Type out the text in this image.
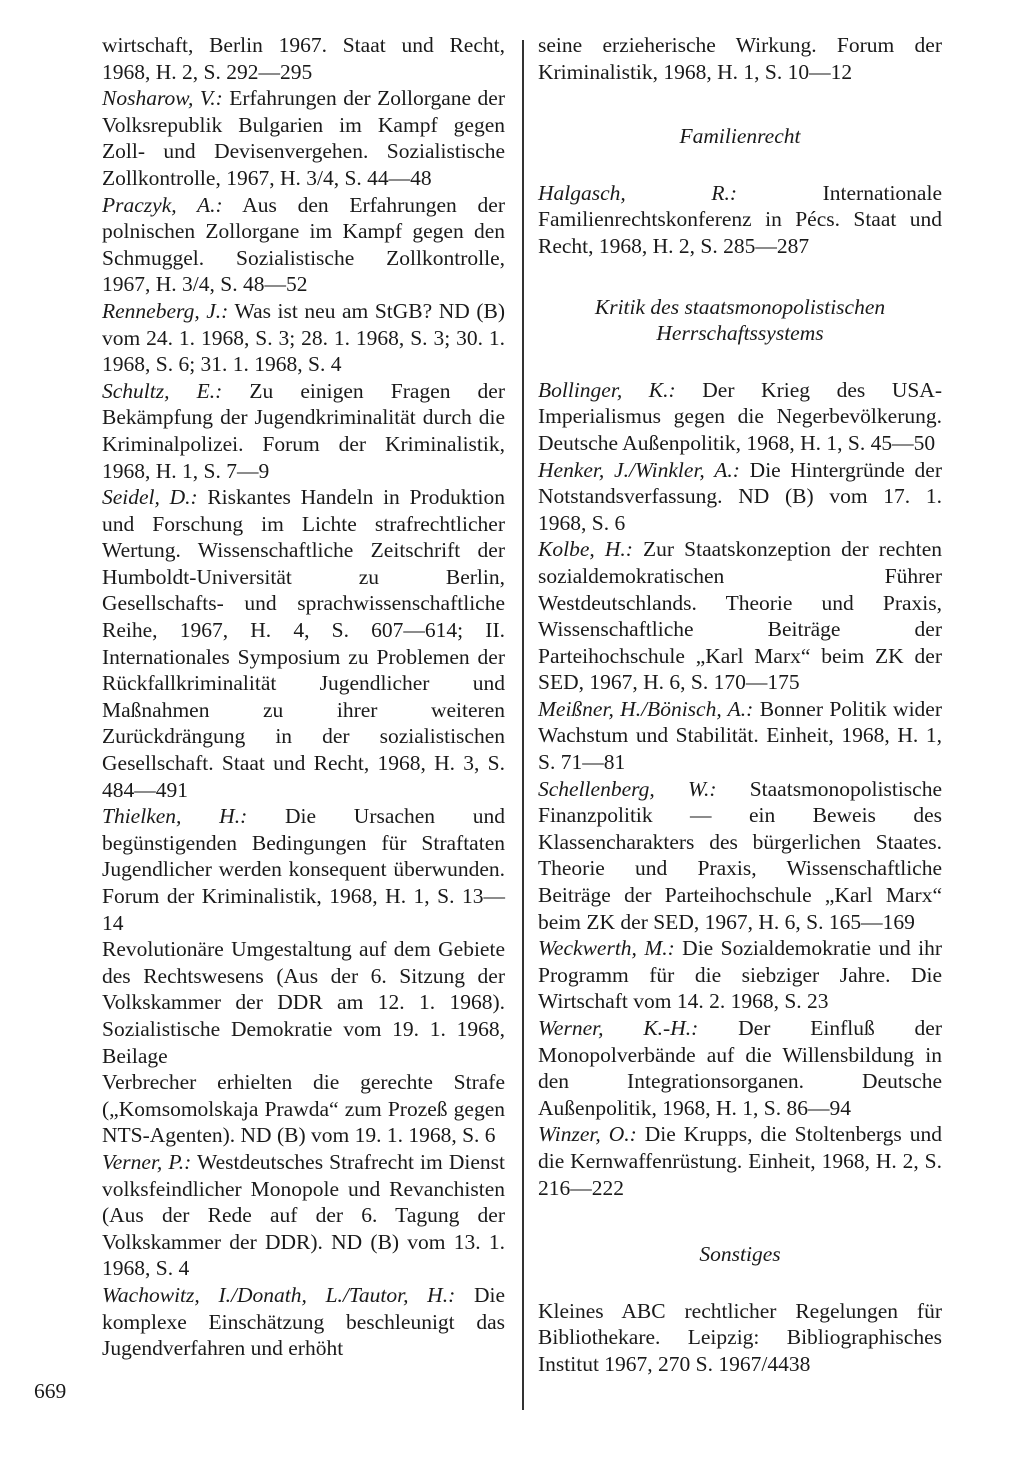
wirtschaft, Berlin 1967. Staat und Recht, 1968, H. 2, S. 292—295

Nosharow, V.: Erfahrungen der Zollorgane der Volksrepublik Bulgarien im Kampf gegen Zoll- und Devisenvergehen. Sozialistische Zollkontrolle, 1967, H. 3/4, S. 44—48

Praczyk, A.: Aus den Erfahrungen der polnischen Zollorgane im Kampf gegen den Schmuggel. Sozialistische Zollkontrolle, 1967, H. 3/4, S. 48—52

Renneberg, J.: Was ist neu am StGB? ND (B) vom 24. 1. 1968, S. 3; 28. 1. 1968, S. 3; 30. 1. 1968, S. 6; 31. 1. 1968, S. 4

Schultz, E.: Zu einigen Fragen der Bekämpfung der Jugendkriminalität durch die Kriminalpolizei. Forum der Kriminalistik, 1968, H. 1, S. 7—9

Seidel, D.: Riskantes Handeln in Produktion und Forschung im Lichte strafrechtlicher Wertung. Wissenschaftliche Zeitschrift der Humboldt-Universität zu Berlin, Gesellschafts- und sprachwissenschaftliche Reihe, 1967, H. 4, S. 607—614; II. Internationales Symposium zu Problemen der Rückfallkriminalität Jugendlicher und Maßnahmen zu ihrer weiteren Zurückdrängung in der sozialistischen Gesellschaft. Staat und Recht, 1968, H. 3, S. 484—491

Thielken, H.: Die Ursachen und begünstigenden Bedingungen für Straftaten Jugendlicher werden konsequent überwunden. Forum der Kriminalistik, 1968, H. 1, S. 13—14

Revolutionäre Umgestaltung auf dem Gebiete des Rechtswesens (Aus der 6. Sitzung der Volkskammer der DDR am 12. 1. 1968). Sozialistische Demokratie vom 19. 1. 1968, Beilage

Verbrecher erhielten die gerechte Strafe („Komsomolskaja Prawda“ zum Prozeß gegen NTS-Agenten). ND (B) vom 19. 1. 1968, S. 6

Verner, P.: Westdeutsches Strafrecht im Dienst volksfeindlicher Monopole und Revanchisten (Aus der Rede auf der 6. Tagung der Volkskammer der DDR). ND (B) vom 13. 1. 1968, S. 4

Wachowitz, I./Donath, L./Tautor, H.: Die komplexe Einschätzung beschleunigt das Jugendverfahren und erhöht

seine erzieherische Wirkung. Forum der Kriminalistik, 1968, H. 1, S. 10—12

Familienrecht

Halgasch, R.:	Internationale Familienrechtskonferenz in Pécs. Staat und Recht, 1968, H. 2, S. 285—287

Kritik des staatsmonopolistischen
Herrschaftssystems

Bollinger, K.: Der Krieg des USA-Imperialismus gegen die Negerbevölkerung. Deutsche Außenpolitik, 1968, H. 1, S. 45—50

Henker, J./Winkler, A.: Die Hintergründe der Notstandsverfassung. ND (B) vom 17. 1. 1968, S. 6

Kolbe, H.: Zur Staatskonzeption der rechten sozialdemokratischen Führer Westdeutschlands. Theorie und Praxis, Wissenschaftliche Beiträge der Parteihochschule „Karl Marx“ beim ZK der SED, 1967, H. 6, S. 170—175

Meißner, H./Bönisch, A.: Bonner Politik wider Wachstum und Stabilität. Einheit, 1968, H. 1, S. 71—81

Schellenberg, W.: Staatsmonopolistische Finanzpolitik — ein Beweis des Klassencharakters des bürgerlichen Staates. Theorie und Praxis, Wissenschaftliche Beiträge der Parteihochschule „Karl Marx“ beim ZK der SED, 1967, H. 6, S. 165—169

Weckwerth, M.: Die Sozialdemokratie und ihr Programm für die siebziger Jahre. Die Wirtschaft vom 14. 2. 1968, S. 23

Werner, K.-H.: Der Einfluß der Monopolverbände auf die Willensbildung in den Integrationsorganen. Deutsche Außenpolitik, 1968, H. 1, S. 86—94

Winzer, O.: Die Krupps, die Stoltenbergs und die Kernwaffenrüstung. Einheit, 1968, H. 2, S. 216—222

Sonstiges

Kleines ABC rechtlicher Regelungen für Bibliothekare. Leipzig: Bibliographisches Institut 1967, 270 S. 1967/4438

669
